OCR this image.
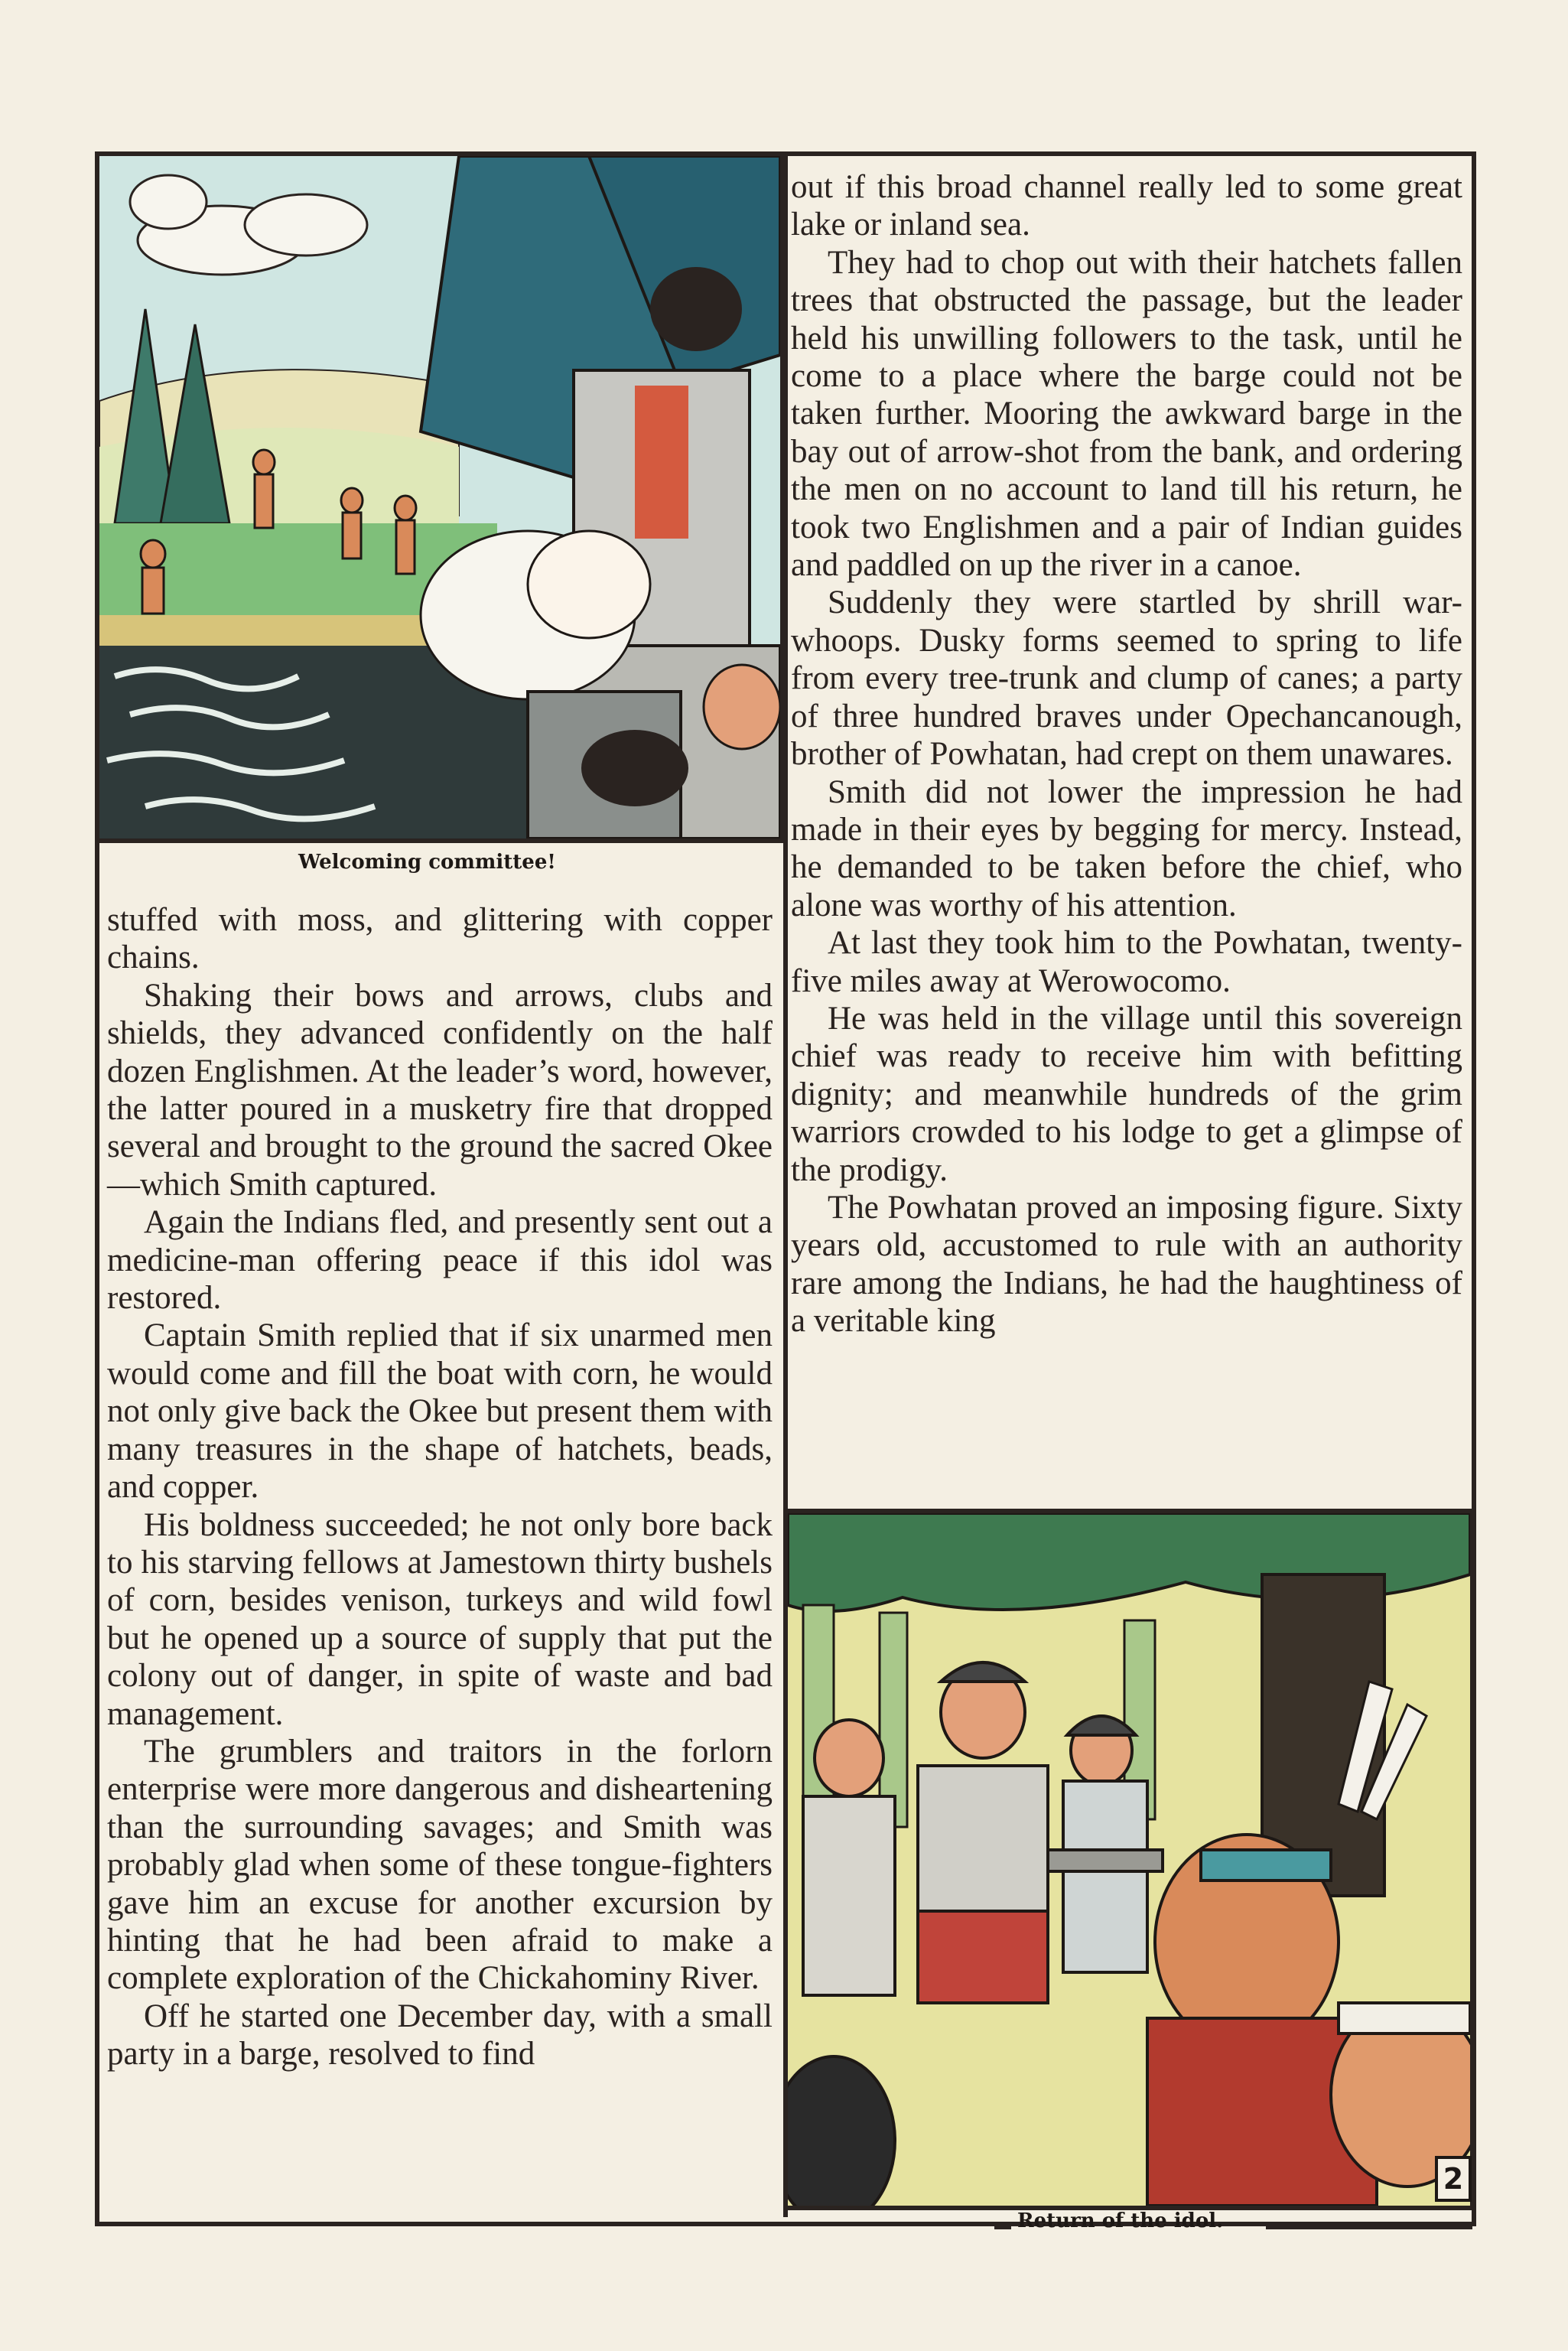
Welcoming committee!

stuffed with moss, and glittering with copper chains.

Shaking their bows and arrows, clubs and shields, they advanced confidently on the half dozen Englishmen. At the leader’s word, however, the latter poured in a musketry fire that dropped several and brought to the ground the sacred Okee—which Smith captured.

Again the Indians fled, and presently sent out a medicine-man offering peace if this idol was restored.

Captain Smith replied that if six unarmed men would come and fill the boat with corn, he would not only give back the Okee but present them with many treasures in the shape of hatchets, beads, and copper.

His boldness succeeded; he not only bore back to his starving fellows at Jamestown thirty bushels of corn, besides venison, turkeys and wild fowl but he opened up a source of supply that put the colony out of danger, in spite of waste and bad management.

The grumblers and traitors in the forlorn enterprise were more dangerous and disheartening than the surrounding savages; and Smith was probably glad when some of these tongue-fighters gave him an excuse for another excursion by hinting that he had been afraid to make a complete exploration of the Chickahominy River.

Off he started one December day, with a small party in a barge, resolved to find

out if this broad channel really led to some great lake or inland sea.

They had to chop out with their hatchets fallen trees that obstructed the passage, but the leader held his unwilling followers to the task, until he come to a place where the barge could not be taken further. Mooring the awkward barge in the bay out of arrow-shot from the bank, and ordering the men on no account to land till his return, he took two Englishmen and a pair of Indian guides and paddled on up the river in a canoe.

Suddenly they were startled by shrill war-whoops. Dusky forms seemed to spring to life from every tree-trunk and clump of canes; a party of three hundred braves under Opechancanough, brother of Powhatan, had crept on them unawares.

Smith did not lower the impression he had made in their eyes by begging for mercy. Instead, he demanded to be taken before the chief, who alone was worthy of his attention.

At last they took him to the Powhatan, twenty-five miles away at Werowocomo.

He was held in the village until this sovereign chief was ready to receive him with befitting dignity; and meanwhile hundreds of the grim warriors crowded to his lodge to get a glimpse of the prodigy.

The Powhatan proved an imposing figure. Sixty years old, accustomed to rule with an authority rare among the Indians, he had the haughtiness of a veritable king

Return of the idol.
2
